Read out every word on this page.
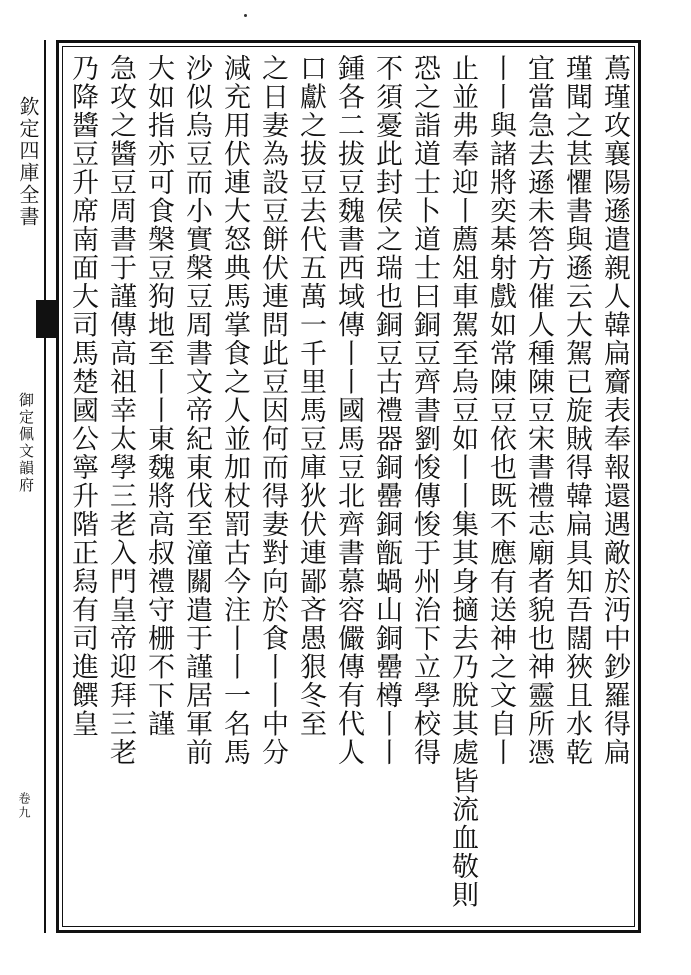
欽定四庫全書
御定佩文韻府
卷九
蔦瑾攻襄陽遜遣親人韓扁齎表奉報還遇敵於沔中鈔羅得扁
瑾聞之甚懼書與遜云大駕已旋賊得韓扁具知吾闊狹且水乾
宜當急去遜未答方催人種陳豆宋書禮志廟者貌也神靈所憑
丨丨與諸將奕棊射戲如常陳豆依也既不應有送神之文自丨
止並弗奉迎丨薦俎車駕至烏豆如丨丨集其身擿去乃脫其處皆流血敬則
恐之詣道士卜道士曰銅豆齊書劉悛傳悛于州治下立學校得
不須憂此封侯之瑞也銅豆古禮器銅罍銅甑蝸山銅罍樽丨丨
鍾各二拔豆魏書西域傳丨丨國馬豆北齊書慕容儼傳有代人
口獻之拔豆去代五萬一千里馬豆庫狄伏連鄙吝愚狠冬至
之日妻為設豆餅伏連問此豆因何而得妻對向於食丨丨中分
減充用伏連大怒典馬掌食之人並加杖罰古今注丨丨一名馬
沙似烏豆而小實槃豆周書文帝紀東伐至潼關遣于謹居軍前
大如指亦可食槃豆狗地至丨丨東魏將高叔禮守栅不下謹
急攻之醬豆周書于謹傳高祖幸太學三老入門皇帝迎拜三老
乃降醬豆升席南面大司馬楚國公寧升階正舄有司進饌皇
